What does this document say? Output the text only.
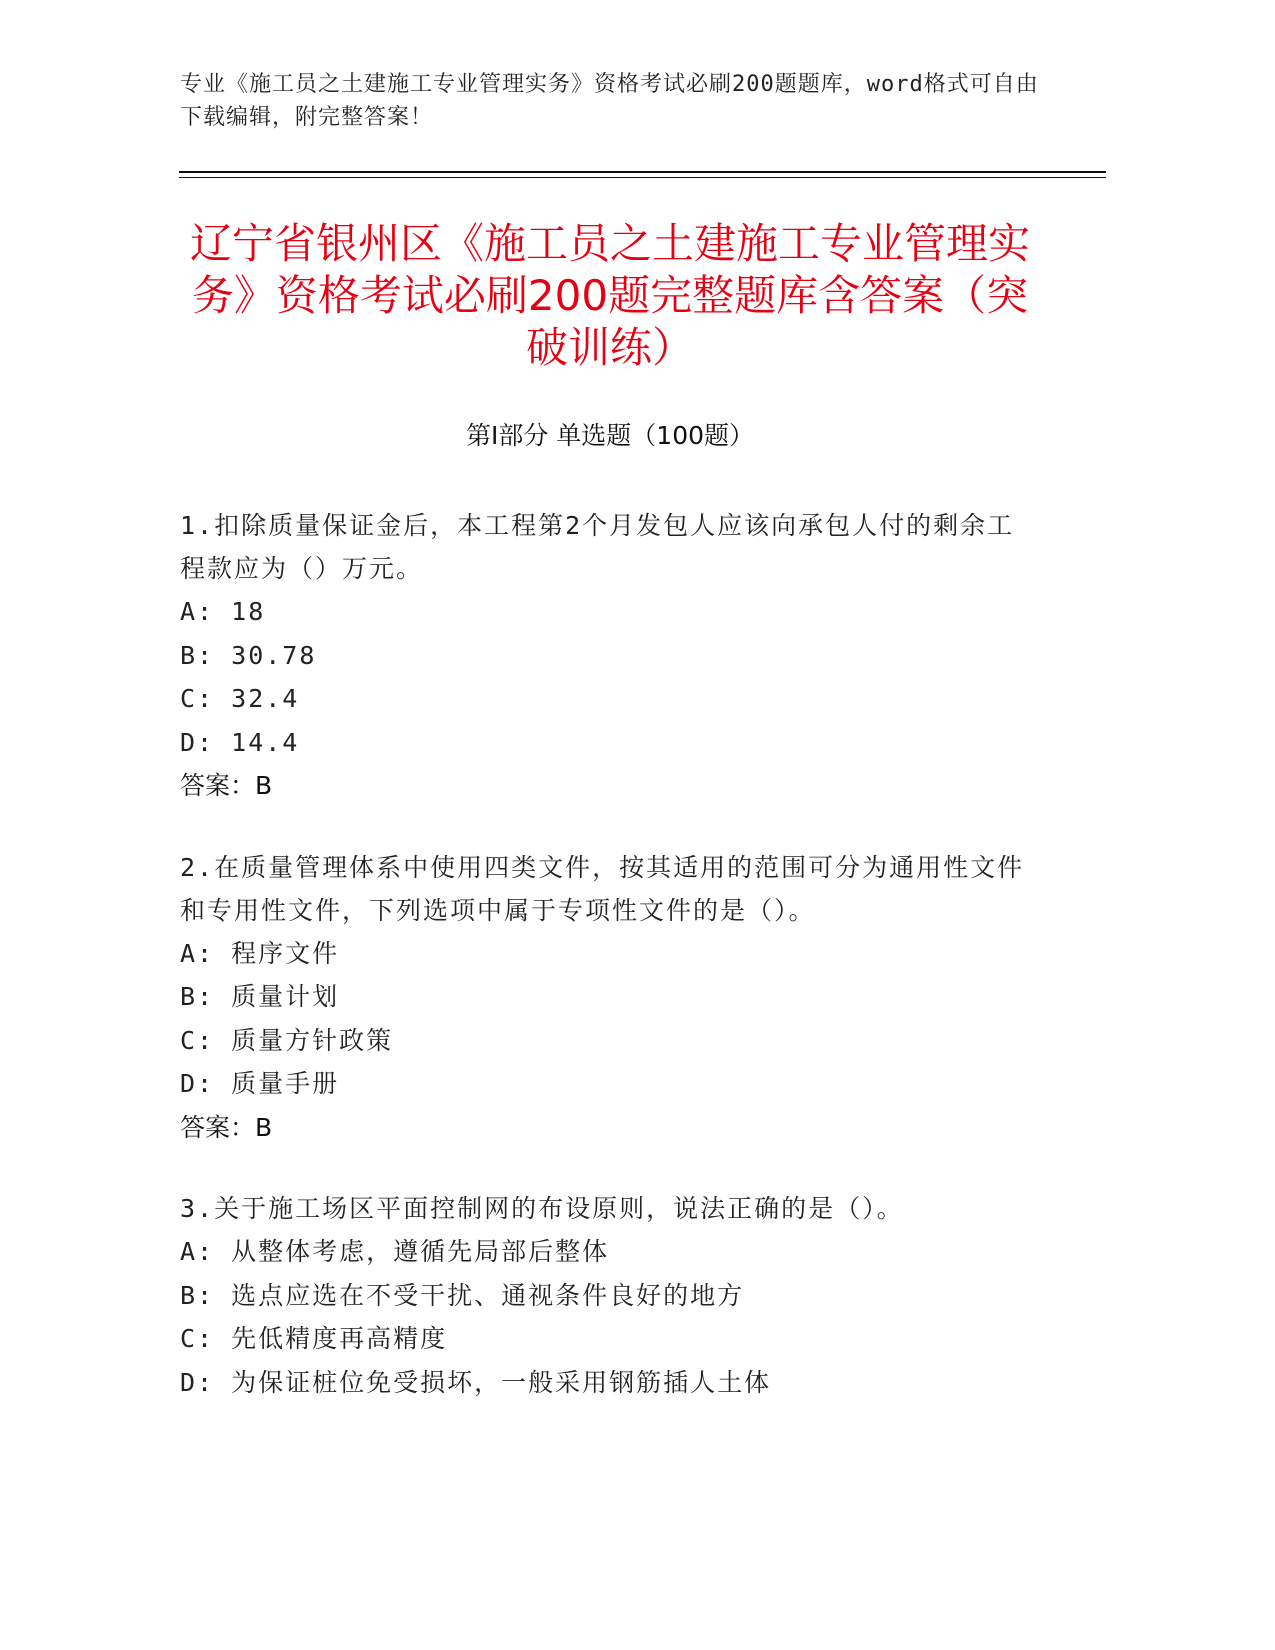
专业《施工员之土建施工专业管理实务》资格考试必刷200题题库，word格式可自由下载编辑，附完整答案！
辽宁省银州区《施工员之土建施工专业管理实务》资格考试必刷200题完整题库含答案（突破训练）
第Ⅰ部分 单选题（100题）

1.扣除质量保证金后，本工程第2个月发包人应该向承包人付的剩余工程款应为（）万元。

A: 18

B: 30.78

C: 32.4

D: 14.4

答案：B

2.在质量管理体系中使用四类文件，按其适用的范围可分为通用性文件和专用性文件，下列选项中属于专项性文件的是（）。

A: 程序文件

B: 质量计划

C: 质量方针政策

D: 质量手册

答案：B

3.关于施工场区平面控制网的布设原则，说法正确的是（）。

A: 从整体考虑，遵循先局部后整体

B: 选点应选在不受干扰、通视条件良好的地方

C: 先低精度再高精度

D: 为保证桩位免受损坏，一般采用钢筋插人土体
